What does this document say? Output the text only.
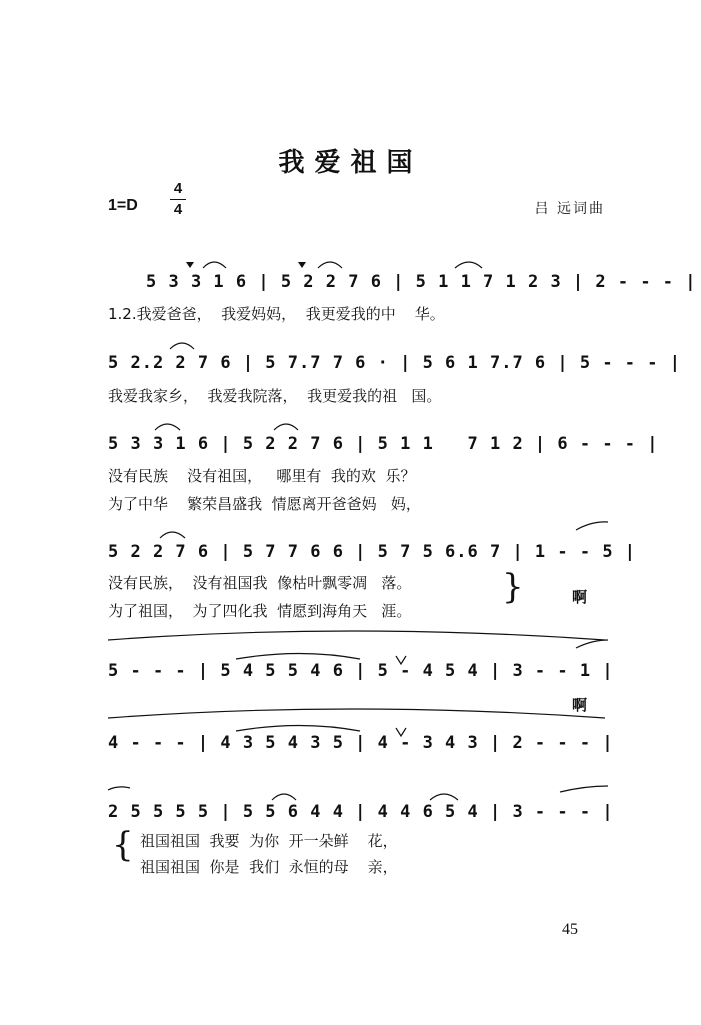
我爱祖国
1=D
4
4	吕 远词曲
5 3 3 1 6 | 5 2 2 7 6 | 5 1 1 7 1 2 3 | 2 - - - |
1.2.我爱爸爸，  我爱妈妈，  我更爱我的中    华。
5 2.2 2 7 6 | 5 7.7 7 6 · | 5 6 1 7.7 6 | 5 - - - |
我爱我家乡，  我爱我院落，  我更爱我的祖   国。
5 3 3 1 6 | 5 2 2 7 6 | 5 1 1   7 1 2 | 6 - - - |
没有民族    没有祖国，   哪里有  我的欢  乐？
为了中华    繁荣昌盛我  情愿离开爸爸妈   妈，
5 2 2 7 6 | 5 7 7 6 6 | 5 7 5 6.6 7 | 1 - - 5 |
没有民族，  没有祖国我  像枯叶飘零凋   落。
为了祖国，  为了四化我  情愿到海角天   涯。
}	啊
5 - - - | 5 4 5 5 4 6 | 5 - 4 5 4 | 3 - - 1 |
啊
4 - - - | 4 3 5 4 3 5 | 4 - 3 4 3 | 2 - - - |
2 5 5 5 5 | 5 5 6 4 4 | 4 4 6 5 4 | 3 - - - |
{ 祖国祖国  我要  为你  开一朵鲜    花，
祖国祖国  你是  我们  永恒的母    亲，
45
